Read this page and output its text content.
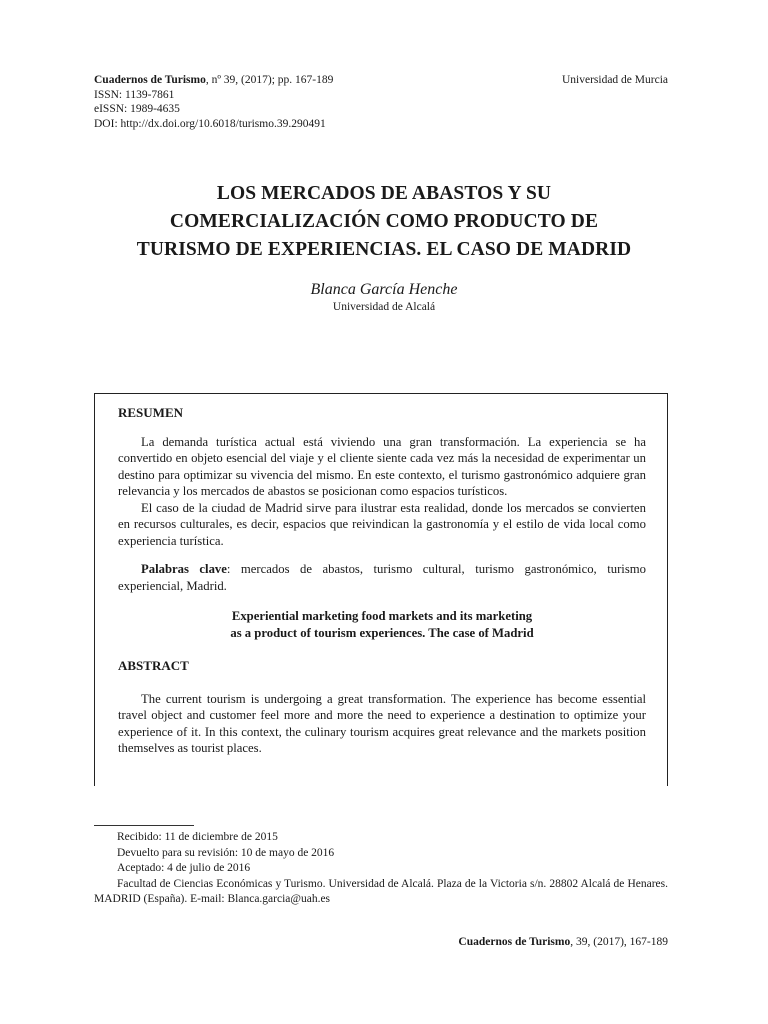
Cuadernos de Turismo, nº 39, (2017); pp. 167-189
ISSN: 1139-7861
eISSN: 1989-4635
DOI: http://dx.doi.org/10.6018/turismo.39.290491
Universidad de Murcia
LOS MERCADOS DE ABASTOS Y SU
COMERCIALIZACIÓN COMO PRODUCTO DE
TURISMO DE EXPERIENCIAS. EL CASO DE MADRID
Blanca García Henche
Universidad de Alcalá
RESUMEN

La demanda turística actual está viviendo una gran transformación. La experiencia se ha convertido en objeto esencial del viaje y el cliente siente cada vez más la necesidad de experimentar un destino para optimizar su vivencia del mismo. En este contexto, el turismo gastronómico adquiere gran relevancia y los mercados de abastos se posicionan como espacios turísticos.

El caso de la ciudad de Madrid sirve para ilustrar esta realidad, donde los mercados se convierten en recursos culturales, es decir, espacios que reivindican la gastronomía y el estilo de vida local como experiencia turística.

Palabras clave: mercados de abastos, turismo cultural, turismo gastronómico, turismo experiencial, Madrid.

Experiential marketing food markets and its marketing
as a product of tourism experiences. The case of Madrid
ABSTRACT

The current tourism is undergoing a great transformation. The experience has become essential travel object and customer feel more and more the need to experience a destination to optimize your experience of it. In this context, the culinary tourism acquires great relevance and the markets position themselves as tourist places.

Recibido: 11 de diciembre de 2015

Devuelto para su revisión: 10 de mayo de 2016

Aceptado: 4 de julio de 2016

Facultad de Ciencias Económicas y Turismo. Universidad de Alcalá. Plaza de la Victoria s/n. 28802 Alcalá de Henares. MADRID (España). E-mail: Blanca.garcia@uah.es

Cuadernos de Turismo, 39, (2017), 167-189
